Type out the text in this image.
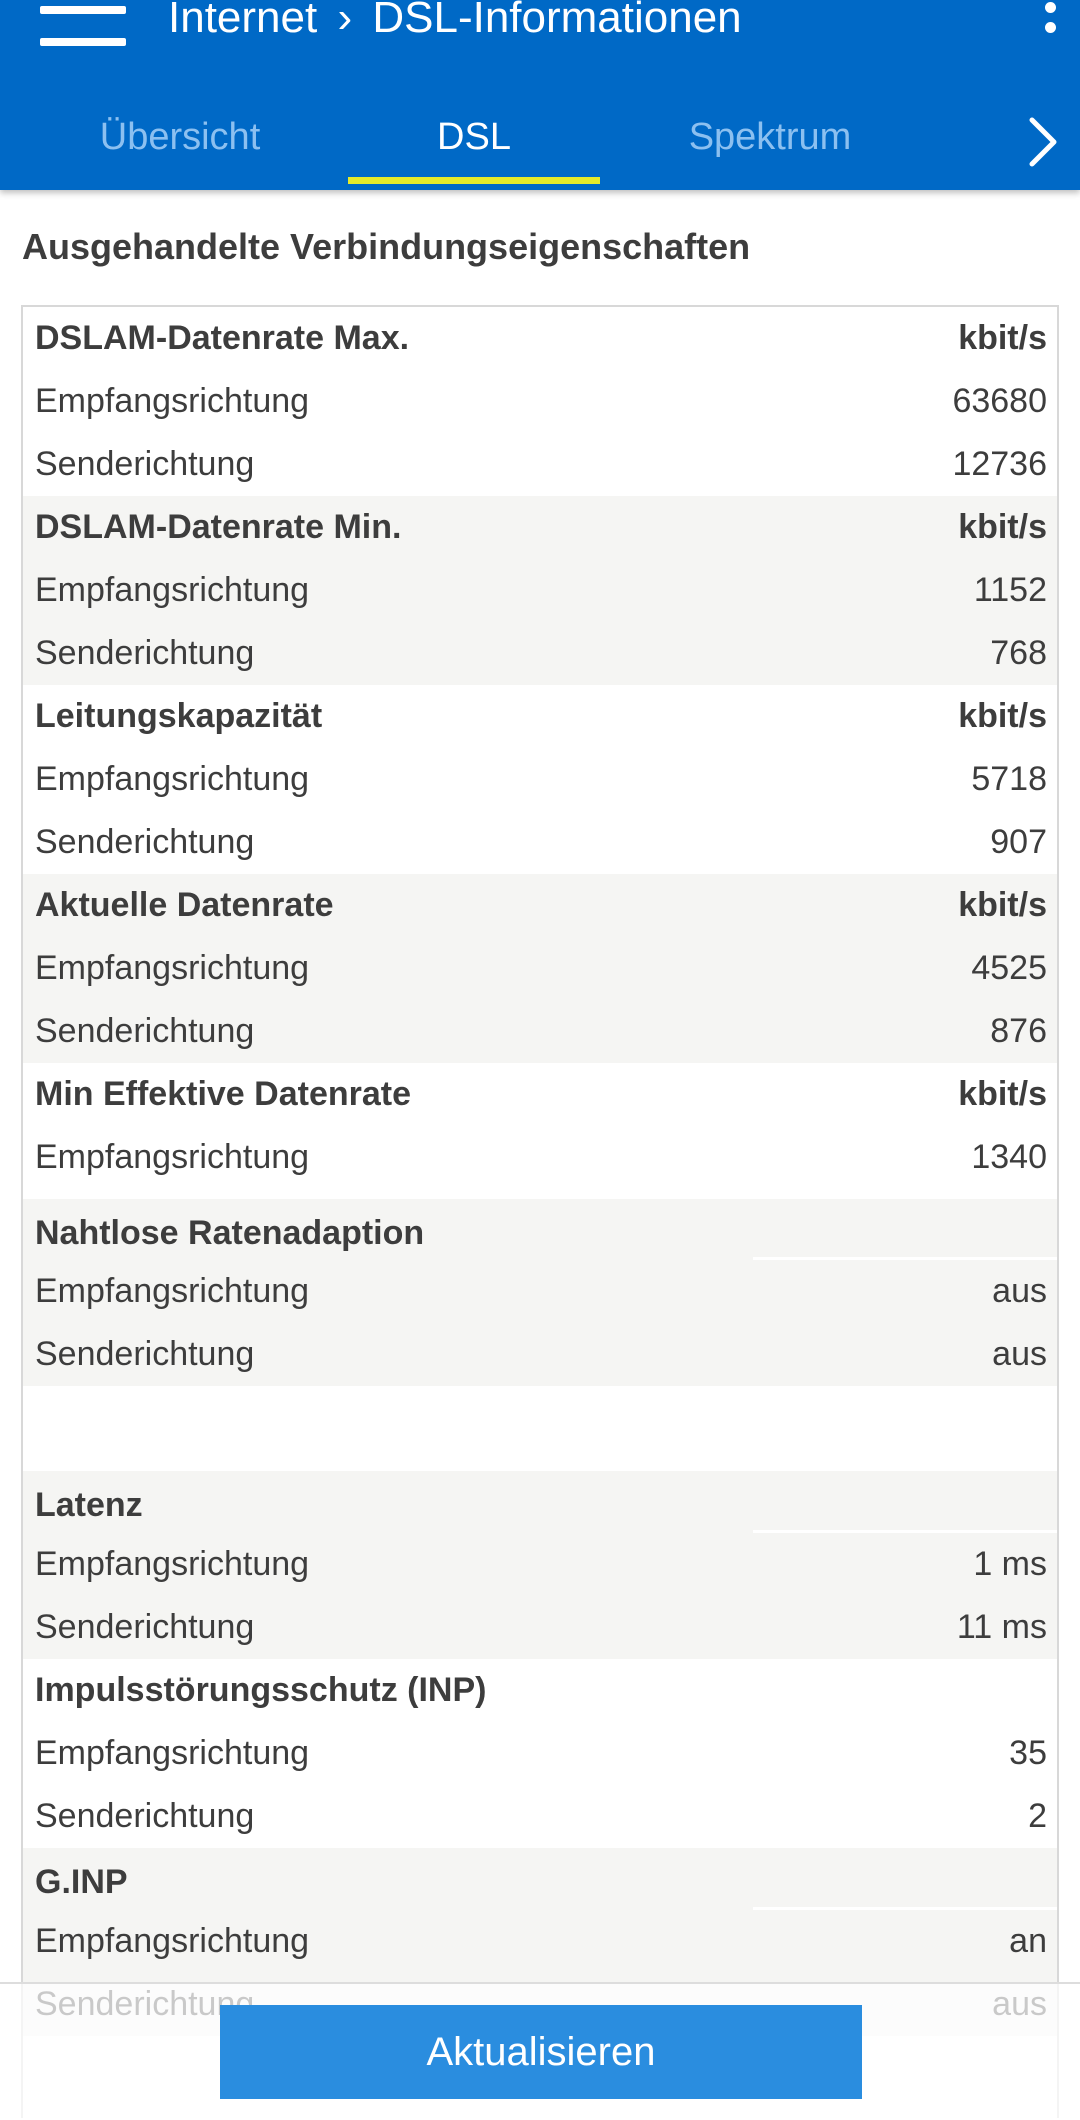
Internet › DSL-Informationen
Übersicht	DSL	Spektrum
Ausgehandelte Verbindungseigenschaften
DSLAM-Datenrate Max.	kbit/s
Empfangsrichtung	63680
Senderichtung	12736
DSLAM-Datenrate Min.	kbit/s
Empfangsrichtung	1152
Senderichtung	768
Leitungskapazität	kbit/s
Empfangsrichtung	5718
Senderichtung	907
Aktuelle Datenrate	kbit/s
Empfangsrichtung	4525
Senderichtung	876
Min Effektive Datenrate	kbit/s
Empfangsrichtung	1340
Nahtlose Ratenadaption
Empfangsrichtung	aus
Senderichtung	aus
Latenz
Empfangsrichtung	1 ms
Senderichtung	11 ms
Impulsstörungsschutz (INP)
Empfangsrichtung	35
Senderichtung	2
G.INP
Empfangsrichtung	an
Aktualisieren
